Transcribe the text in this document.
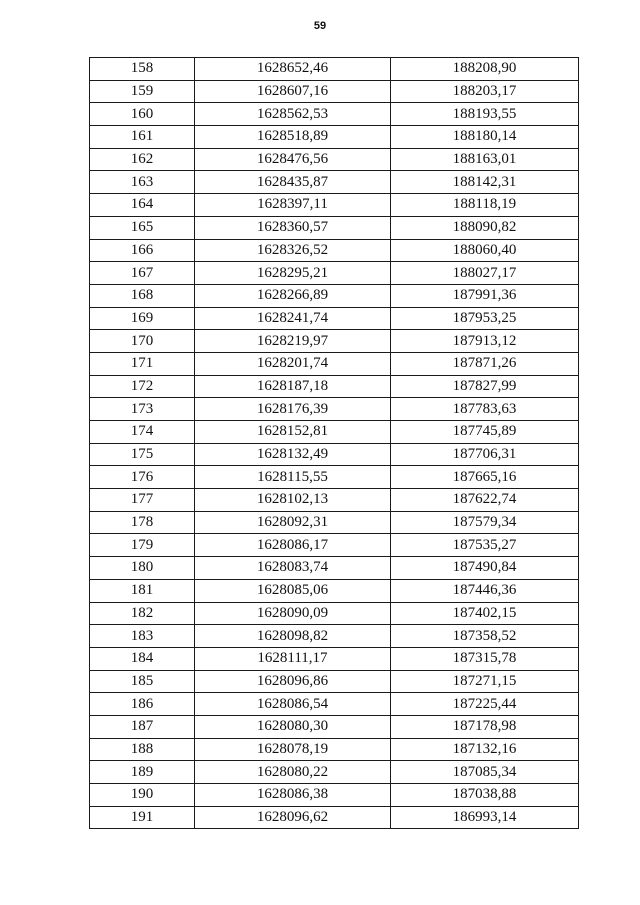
59
158	1628652,46	188208,90
159	1628607,16	188203,17
160	1628562,53	188193,55
161	1628518,89	188180,14
162	1628476,56	188163,01
163	1628435,87	188142,31
164	1628397,11	188118,19
165	1628360,57	188090,82
166	1628326,52	188060,40
167	1628295,21	188027,17
168	1628266,89	187991,36
169	1628241,74	187953,25
170	1628219,97	187913,12
171	1628201,74	187871,26
172	1628187,18	187827,99
173	1628176,39	187783,63
174	1628152,81	187745,89
175	1628132,49	187706,31
176	1628115,55	187665,16
177	1628102,13	187622,74
178	1628092,31	187579,34
179	1628086,17	187535,27
180	1628083,74	187490,84
181	1628085,06	187446,36
182	1628090,09	187402,15
183	1628098,82	187358,52
184	1628111,17	187315,78
185	1628096,86	187271,15
186	1628086,54	187225,44
187	1628080,30	187178,98
188	1628078,19	187132,16
189	1628080,22	187085,34
190	1628086,38	187038,88
191	1628096,62	186993,14
